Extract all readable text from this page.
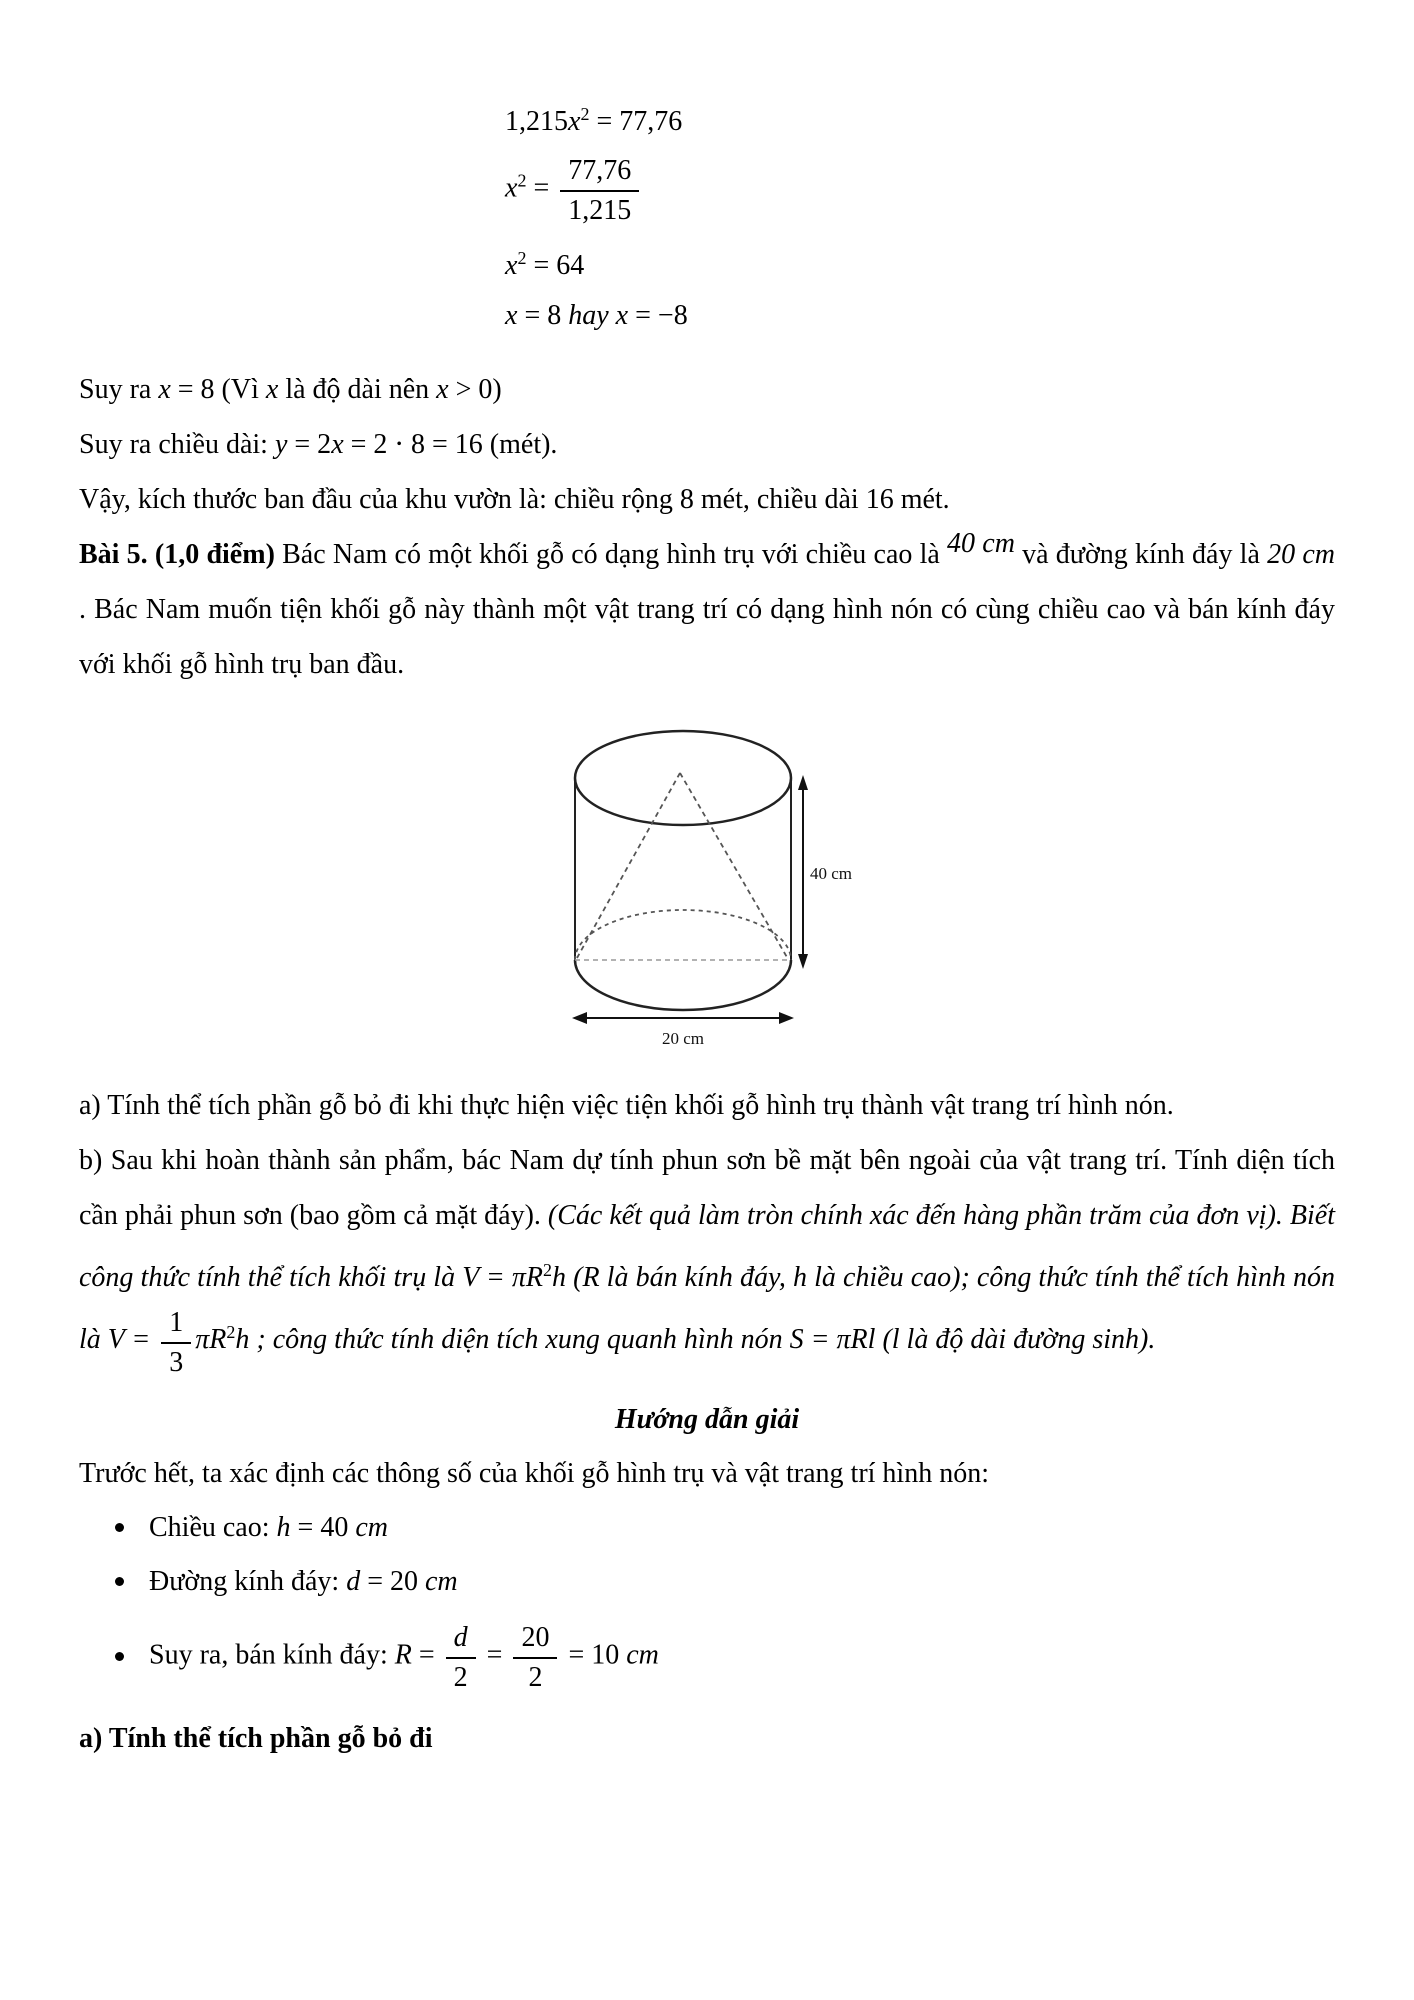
$1,215x^2 = 77,76$
$x^2 = \frac{77,76}{1,215}$
$x^2 = 64$
x = 8 hay x = −8

Suy ra x = 8 (Vì x là độ dài nên x > 0)

Suy ra chiều dài: y = 2x = 2 ⋅ 8 = 16 (mét).

Vậy, kích thước ban đầu của khu vườn là: chiều rộng 8 mét, chiều dài 16 mét.

Bài 5. (1,0 điểm) Bác Nam có một khối gỗ có dạng hình trụ với chiều cao là 40 cm và đường kính đáy là 20 cm . Bác Nam muốn tiện khối gỗ này thành một vật trang trí có dạng hình nón có cùng chiều cao và bán kính đáy với khối gỗ hình trụ ban đầu.

40 cm
20 cm

a) Tính thể tích phần gỗ bỏ đi khi thực hiện việc tiện khối gỗ hình trụ thành vật trang trí hình nón.

b) Sau khi hoàn thành sản phẩm, bác Nam dự tính phun sơn bề mặt bên ngoài của vật trang trí. Tính diện tích cần phải phun sơn (bao gồm cả mặt đáy). (Các kết quả làm tròn chính xác đến hàng phần trăm của đơn vị). Biết công thức tính thể tích khối trụ là $V = \pi R^2h$ (R là bán kính đáy, h là chiều cao); công thức tính thể tích hình nón là $V = \frac{1}{3} \pi R^2h$ ; công thức tính diện tích xung quanh hình nón S = πRl (l là độ dài đường sinh).

Hướng dẫn giải

Trước hết, ta xác định các thông số của khối gỗ hình trụ và vật trang trí hình nón:

Chiều cao: h = 40 cm
Đường kính đáy: d = 20 cm
Suy ra, bán kính đáy: $R = \frac{d}{2} = \frac{20}{2} = 10$ cm

a) Tính thể tích phần gỗ bỏ đi
